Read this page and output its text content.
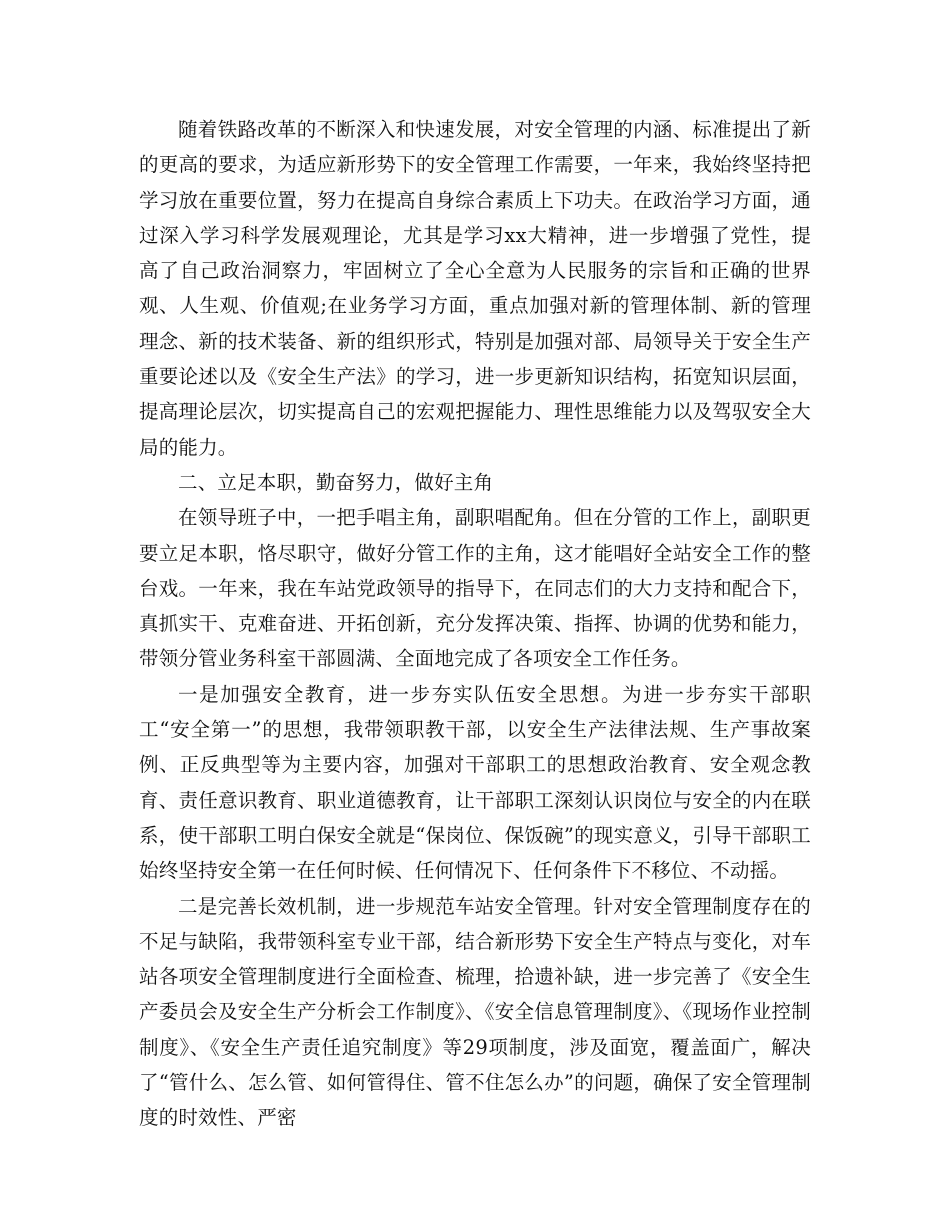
随着铁路改革的不断深入和快速发展，对安全管理的内涵、标准提出了新的更高的要求，为适应新形势下的安全管理工作需要，一年来，我始终坚持把学习放在重要位置，努力在提高自身综合素质上下功夫。在政治学习方面，通过深入学习科学发展观理论，尤其是学习xx大精神，进一步增强了党性，提高了自己政治洞察力，牢固树立了全心全意为人民服务的宗旨和正确的世界观、人生观、价值观;在业务学习方面，重点加强对新的管理体制、新的管理理念、新的技术装备、新的组织形式，特别是加强对部、局领导关于安全生产重要论述以及《安全生产法》的学习，进一步更新知识结构，拓宽知识层面，提高理论层次，切实提高自己的宏观把握能力、理性思维能力以及驾驭安全大局的能力。

二、立足本职，勤奋努力，做好主角

在领导班子中，一把手唱主角，副职唱配角。但在分管的工作上，副职更要立足本职，恪尽职守，做好分管工作的主角，这才能唱好全站安全工作的整台戏。一年来，我在车站党政领导的指导下，在同志们的大力支持和配合下，真抓实干、克难奋进、开拓创新，充分发挥决策、指挥、协调的优势和能力，带领分管业务科室干部圆满、全面地完成了各项安全工作任务。

一是加强安全教育，进一步夯实队伍安全思想。为进一步夯实干部职工“安全第一”的思想，我带领职教干部，以安全生产法律法规、生产事故案例、正反典型等为主要内容，加强对干部职工的思想政治教育、安全观念教育、责任意识教育、职业道德教育，让干部职工深刻认识岗位与安全的内在联系，使干部职工明白保安全就是“保岗位、保饭碗”的现实意义，引导干部职工始终坚持安全第一在任何时候、任何情况下、任何条件下不移位、不动摇。

二是完善长效机制，进一步规范车站安全管理。针对安全管理制度存在的不足与缺陷，我带领科室专业干部，结合新形势下安全生产特点与变化，对车站各项安全管理制度进行全面检查、梳理，拾遗补缺，进一步完善了《安全生产委员会及安全生产分析会工作制度》、《安全信息管理制度》、《现场作业控制制度》、《安全生产责任追究制度》等29项制度，涉及面宽，覆盖面广，解决了“管什么、怎么管、如何管得住、管不住怎么办”的问题，确保了安全管理制度的时效性、严密
